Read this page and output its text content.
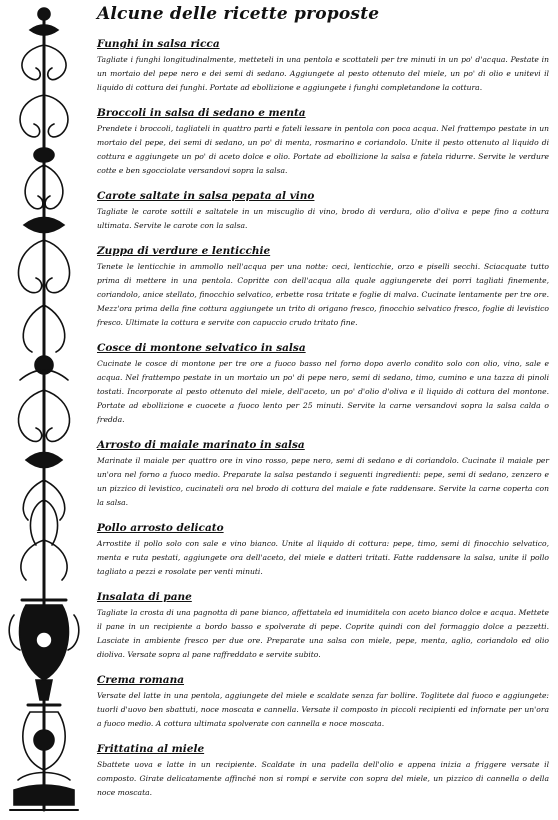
Alcune delle ricette proposte
Funghi in salsa ricca

Tagliate i funghi longitudinalmente, metteteli in una pentola e scottateli per tre minuti in un po' d'acqua. Pestate in un mortaio del pepe nero e dei semi di sedano. Aggiungete al pesto ottenuto del miele, un po' di olio e unitevi il liquido di cottura dei funghi. Portate ad ebollizione e aggiungete i funghi completandone la cottura.

Broccoli in salsa di sedano e menta

Prendete i broccoli, tagliateli in quattro parti e fateli lessare in pentola con poca acqua. Nel frattempo pestate in un mortaio del pepe, dei semi di sedano, un po' di menta, rosmarino e coriandolo. Unite il pesto ottenuto al liquido di cottura e aggiungete un po' di aceto dolce e olio. Portate ad ebollizione la salsa e fatela ridurre. Servite le verdure cotte e ben sgocciolate versandovi sopra la salsa.

Carote saltate in salsa pepata al vino

Tagliate le carote sottili e saltatele in un miscuglio di vino, brodo di verdura, olio d'oliva e pepe fino a cottura ultimata. Servite le carote con la salsa.

Zuppa di verdure e lenticchie

Tenete le lenticchie in ammollo nell'acqua per una notte: ceci, lenticchie, orzo e piselli secchi. Sciacquate tutto prima di mettere in una pentola. Copritte con dell'acqua alla quale aggiungerete dei porri tagliati finemente, coriandolo, anice stellato, finocchio selvatico, erbette rosa tritate e foglie di malva. Cucinate lentamente per tre ore. Mezz'ora prima della fine cottura aggiungete un trito di origano fresco, finocchio selvatico fresco, foglie di levistico fresco. Ultimate la cottura e servite con capuccio crudo tritato fine.

Cosce di montone selvatico in salsa

Cucinate le cosce di montone per tre ore a fuoco basso nel forno dopo averlo condito solo con olio, vino, sale e acqua. Nel frattempo pestate in un mortaio un po' di pepe nero, semi di sedano, timo, cumino e una tazza di pinoli tostati. Incorporate al pesto ottenuto del miele, dell'aceto, un po' d'olio d'oliva e il liquido di cottura del montone. Portate ad ebollizione e cuocete a fuoco lento per 25 minuti. Servite la carne versandovi sopra la salsa calda o fredda.

Arrosto di maiale marinato in salsa

Marinate il maiale per quattro ore in vino rosso, pepe nero, semi di sedano e di coriandolo. Cucinate il maiale per un'ora nel forno a fuoco medio. Preparate la salsa pestando i seguenti ingredienti: pepe, semi di sedano, zenzero e un pizzico di levistico, cucinateli ora nel brodo di cottura del maiale e fate raddensare. Servite la carne coperta con la salsa.

Pollo arrosto delicato

Arrostite il pollo solo con sale e vino bianco. Unite al liquido di cottura: pepe, timo, semi di finocchio selvatico, menta e ruta pestati, aggiungete ora dell'aceto, del miele e datteri tritati. Fatte raddensare la salsa, unite il pollo tagliato a pezzi e rosolate per venti minuti.

Insalata di pane

Tagliate la crosta di una pagnotta di pane bianco, affettatela ed inumiditela con aceto bianco dolce e acqua. Mettete il pane in un recipiente a bordo basso e spolverate di pepe. Coprite quindi con del formaggio dolce a pezzetti. Lasciate in ambiente fresco per due ore. Preparate una salsa con miele, pepe, menta, aglio, coriandolo ed olio dioliva. Versate sopra al pane raffreddato e servite subito.

Crema romana

Versate del latte in una pentola, aggiungete del miele e scaldate senza far bollire. Toglitete dal fuoco e aggiungete: tuorli d'uovo ben sbattuti, noce moscata e cannella. Versate il composto in piccoli recipienti ed infornate per un'ora a fuoco medio. A cottura ultimata spolverate con cannella e noce moscata.

Frittatina al miele

Sbattete uova e latte in un recipiente. Scaldate in una padella dell'olio e appena inizia a friggere versate il composto. Girate delicatamente affinché non si rompi e servite con sopra del miele, un pizzico di cannella o della noce moscata.
